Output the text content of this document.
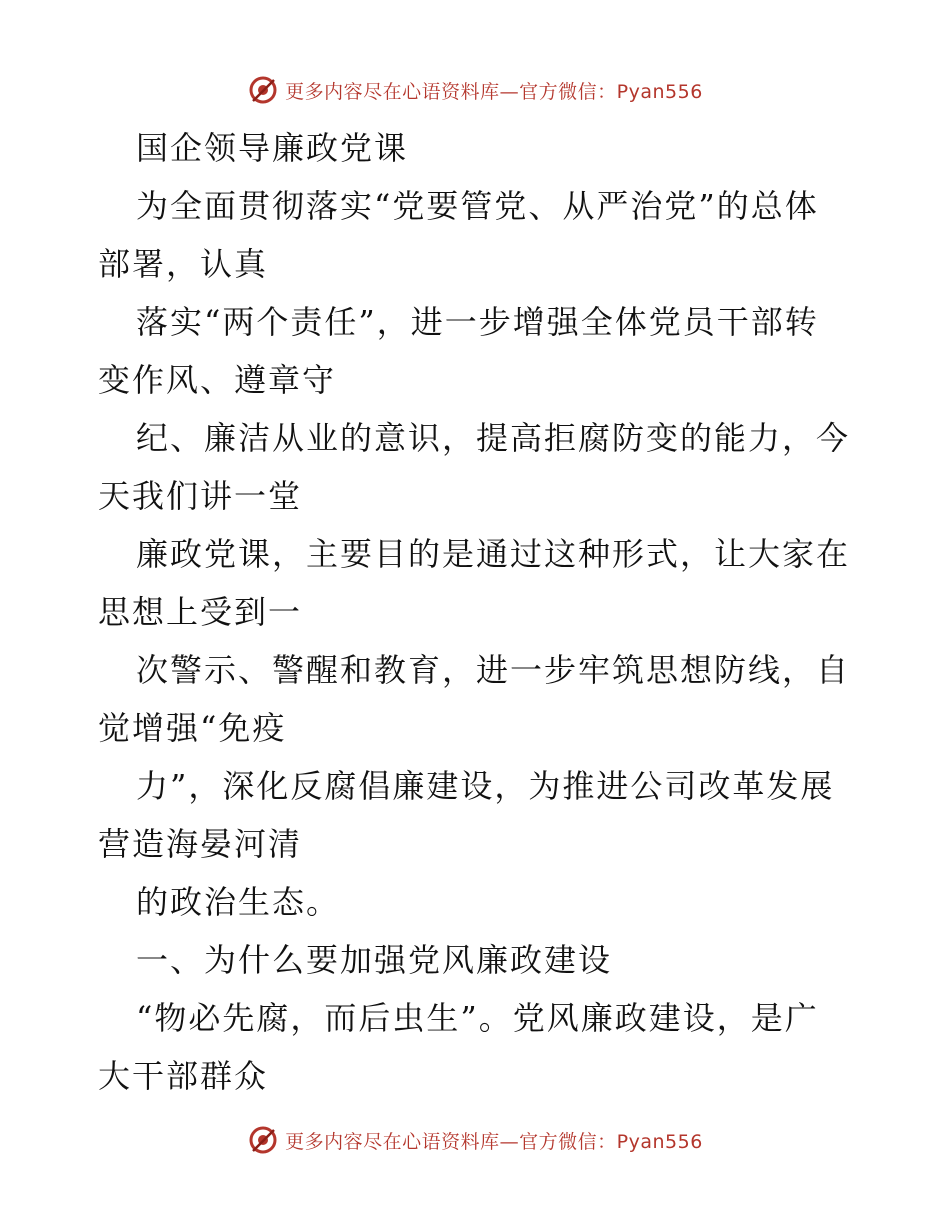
更多内容尽在心语资料库—官方微信：Pyan556
国企领导廉政党课
为全面贯彻落实“党要管党、从严治党”的总体
部署，认真
落实“两个责任”，进一步增强全体党员干部转
变作风、遵章守
纪、廉洁从业的意识，提高拒腐防变的能力，今
天我们讲一堂
廉政党课，主要目的是通过这种形式，让大家在
思想上受到一
次警示、警醒和教育，进一步牢筑思想防线，自
觉增强“免疫
力”，深化反腐倡廉建设，为推进公司改革发展
营造海晏河清
的政治生态。
一、为什么要加强党风廉政建设
“物必先腐，而后虫生”。党风廉政建设，是广
大干部群众
更多内容尽在心语资料库—官方微信：Pyan556
